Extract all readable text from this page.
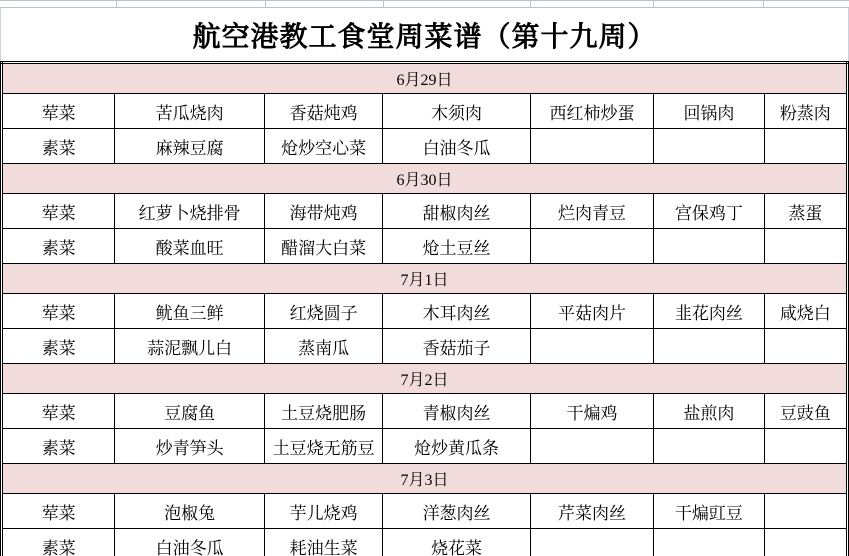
航空港教工食堂周菜谱（第十九周）
6月29日						
荤菜	苦瓜烧肉	香菇炖鸡	木须肉	西红柿炒蛋	回锅肉	粉蒸肉
素菜	麻辣豆腐	炝炒空心菜	白油冬瓜			
6月30日						
荤菜	红萝卜烧排骨	海带炖鸡	甜椒肉丝	烂肉青豆	宫保鸡丁	蒸蛋
素菜	酸菜血旺	醋溜大白菜	炝土豆丝			
7月1日						
荤菜	鱿鱼三鲜	红烧圆子	木耳肉丝	平菇肉片	韭花肉丝	咸烧白
素菜	蒜泥飘儿白	蒸南瓜	香菇茄子			
7月2日						
荤菜	豆腐鱼	土豆烧肥肠	青椒肉丝	干煸鸡	盐煎肉	豆豉鱼
素菜	炒青笋头	土豆烧无筋豆	炝炒黄瓜条			
7月3日						
荤菜	泡椒兔	芋儿烧鸡	洋葱肉丝	芹菜肉丝	干煸豇豆	
素菜	白油冬瓜	耗油生菜	烧花菜			
